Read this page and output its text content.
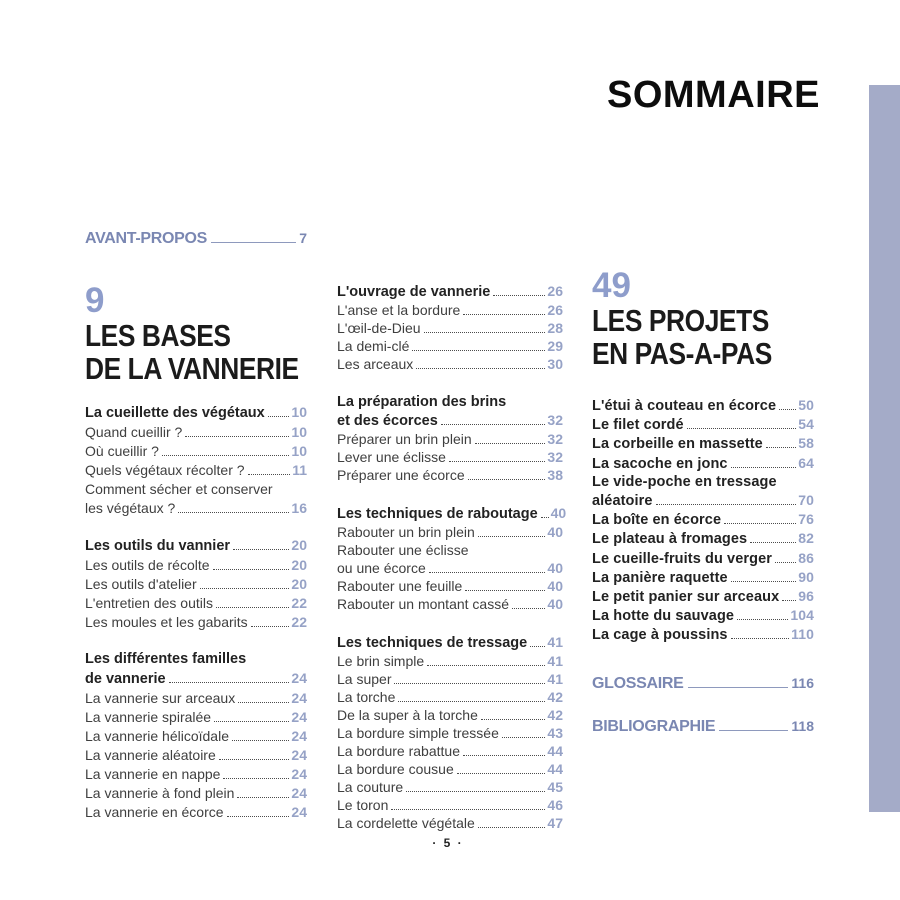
SOMMAIRE
AVANT-PROPOS	7
9
LES BASES
DE LA VANNERIE
La cueillette des végétaux 10
Quand cueillir ?	10
Où cueillir ?	10
Quels végétaux récolter ?	11
Comment sécher et conserver
les végétaux ?	16
Les outils du vannier	20
Les outils de récolte	20
Les outils d'atelier	20
L'entretien des outils	22
Les moules et les gabarits	22
Les différentes familles
de vannerie	24
La vannerie sur arceaux	24
La vannerie spiralée	24
La vannerie hélicoïdale	24
La vannerie aléatoire	24
La vannerie en nappe	24
La vannerie à fond plein	24
La vannerie en écorce	24
L'ouvrage de vannerie	26
L'anse et la bordure	26
L'œil-de-Dieu	28
La demi-clé	29
Les arceaux	30
La préparation des brins
et des écorces	32
Préparer un brin plein	32
Lever une éclisse	32
Préparer une écorce	38
Les techniques de raboutage 40
Rabouter un brin plein	40
Rabouter une éclisse
ou une écorce	40
Rabouter une feuille	40
Rabouter un montant cassé	40
Les techniques de tressage 41
Le brin simple	41
La super	41
La torche	42
De la super à la torche	42
La bordure simple tressée	43
La bordure rabattue	44
La bordure cousue	44
La couture	45
Le toron	46
La cordelette végétale	47
49
LES PROJETS
EN PAS-A-PAS
L'étui à couteau en écorce 50
Le filet cordé	54
La corbeille en massette	58
La sacoche en jonc	64
Le vide-poche en tressage
aléatoire	70
La boîte en écorce	76
Le plateau à fromages	82
Le cueille-fruits du verger 86
La panière raquette	90
Le petit panier sur arceaux 96
La hotte du sauvage	104
La cage à poussins	110
GLOSSAIRE	116
BIBLIOGRAPHIE	118
· 5 ·
